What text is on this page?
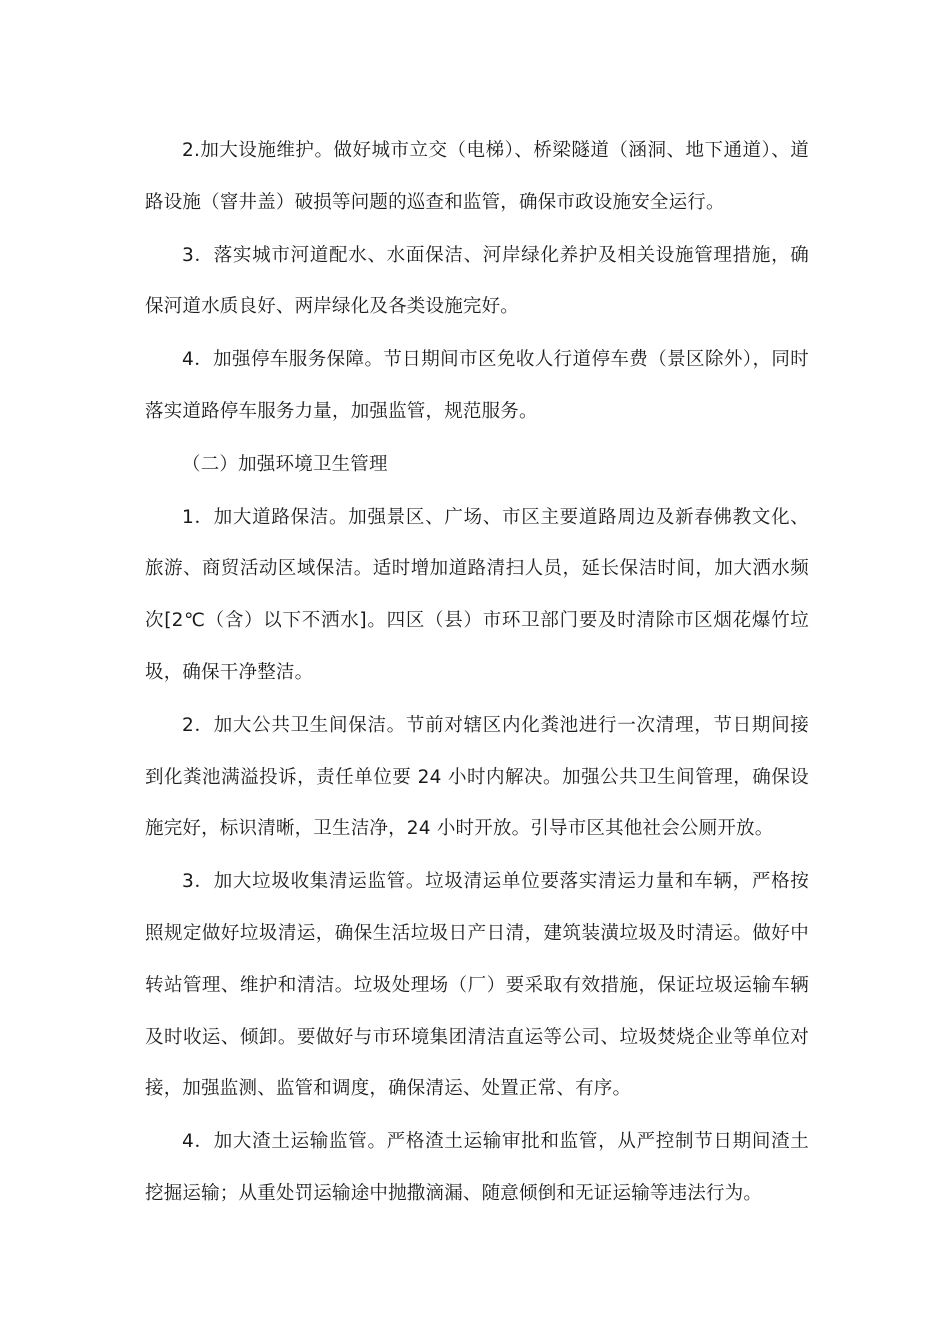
2.加大设施维护。做好城市立交（电梯）、桥梁隧道（涵洞、地下通道）、道路设施（窨井盖）破损等问题的巡查和监管，确保市政设施安全运行。

3．落实城市河道配水、水面保洁、河岸绿化养护及相关设施管理措施，确保河道水质良好、两岸绿化及各类设施完好。

4．加强停车服务保障。节日期间市区免收人行道停车费（景区除外），同时落实道路停车服务力量，加强监管，规范服务。

（二）加强环境卫生管理

1．加大道路保洁。加强景区、广场、市区主要道路周边及新春佛教文化、旅游、商贸活动区域保洁。适时增加道路清扫人员，延长保洁时间，加大洒水频次[2℃（含）以下不洒水]。四区（县）市环卫部门要及时清除市区烟花爆竹垃圾，确保干净整洁。

2．加大公共卫生间保洁。节前对辖区内化粪池进行一次清理，节日期间接到化粪池满溢投诉，责任单位要 24 小时内解决。加强公共卫生间管理，确保设施完好，标识清晰，卫生洁净，24 小时开放。引导市区其他社会公厕开放。

3．加大垃圾收集清运监管。垃圾清运单位要落实清运力量和车辆，严格按照规定做好垃圾清运，确保生活垃圾日产日清，建筑装潢垃圾及时清运。做好中转站管理、维护和清洁。垃圾处理场（厂）要采取有效措施，保证垃圾运输车辆及时收运、倾卸。要做好与市环境集团清洁直运等公司、垃圾焚烧企业等单位对接，加强监测、监管和调度，确保清运、处置正常、有序。

4．加大渣土运输监管。严格渣土运输审批和监管，从严控制节日期间渣土挖掘运输；从重处罚运输途中抛撒滴漏、随意倾倒和无证运输等违法行为。
